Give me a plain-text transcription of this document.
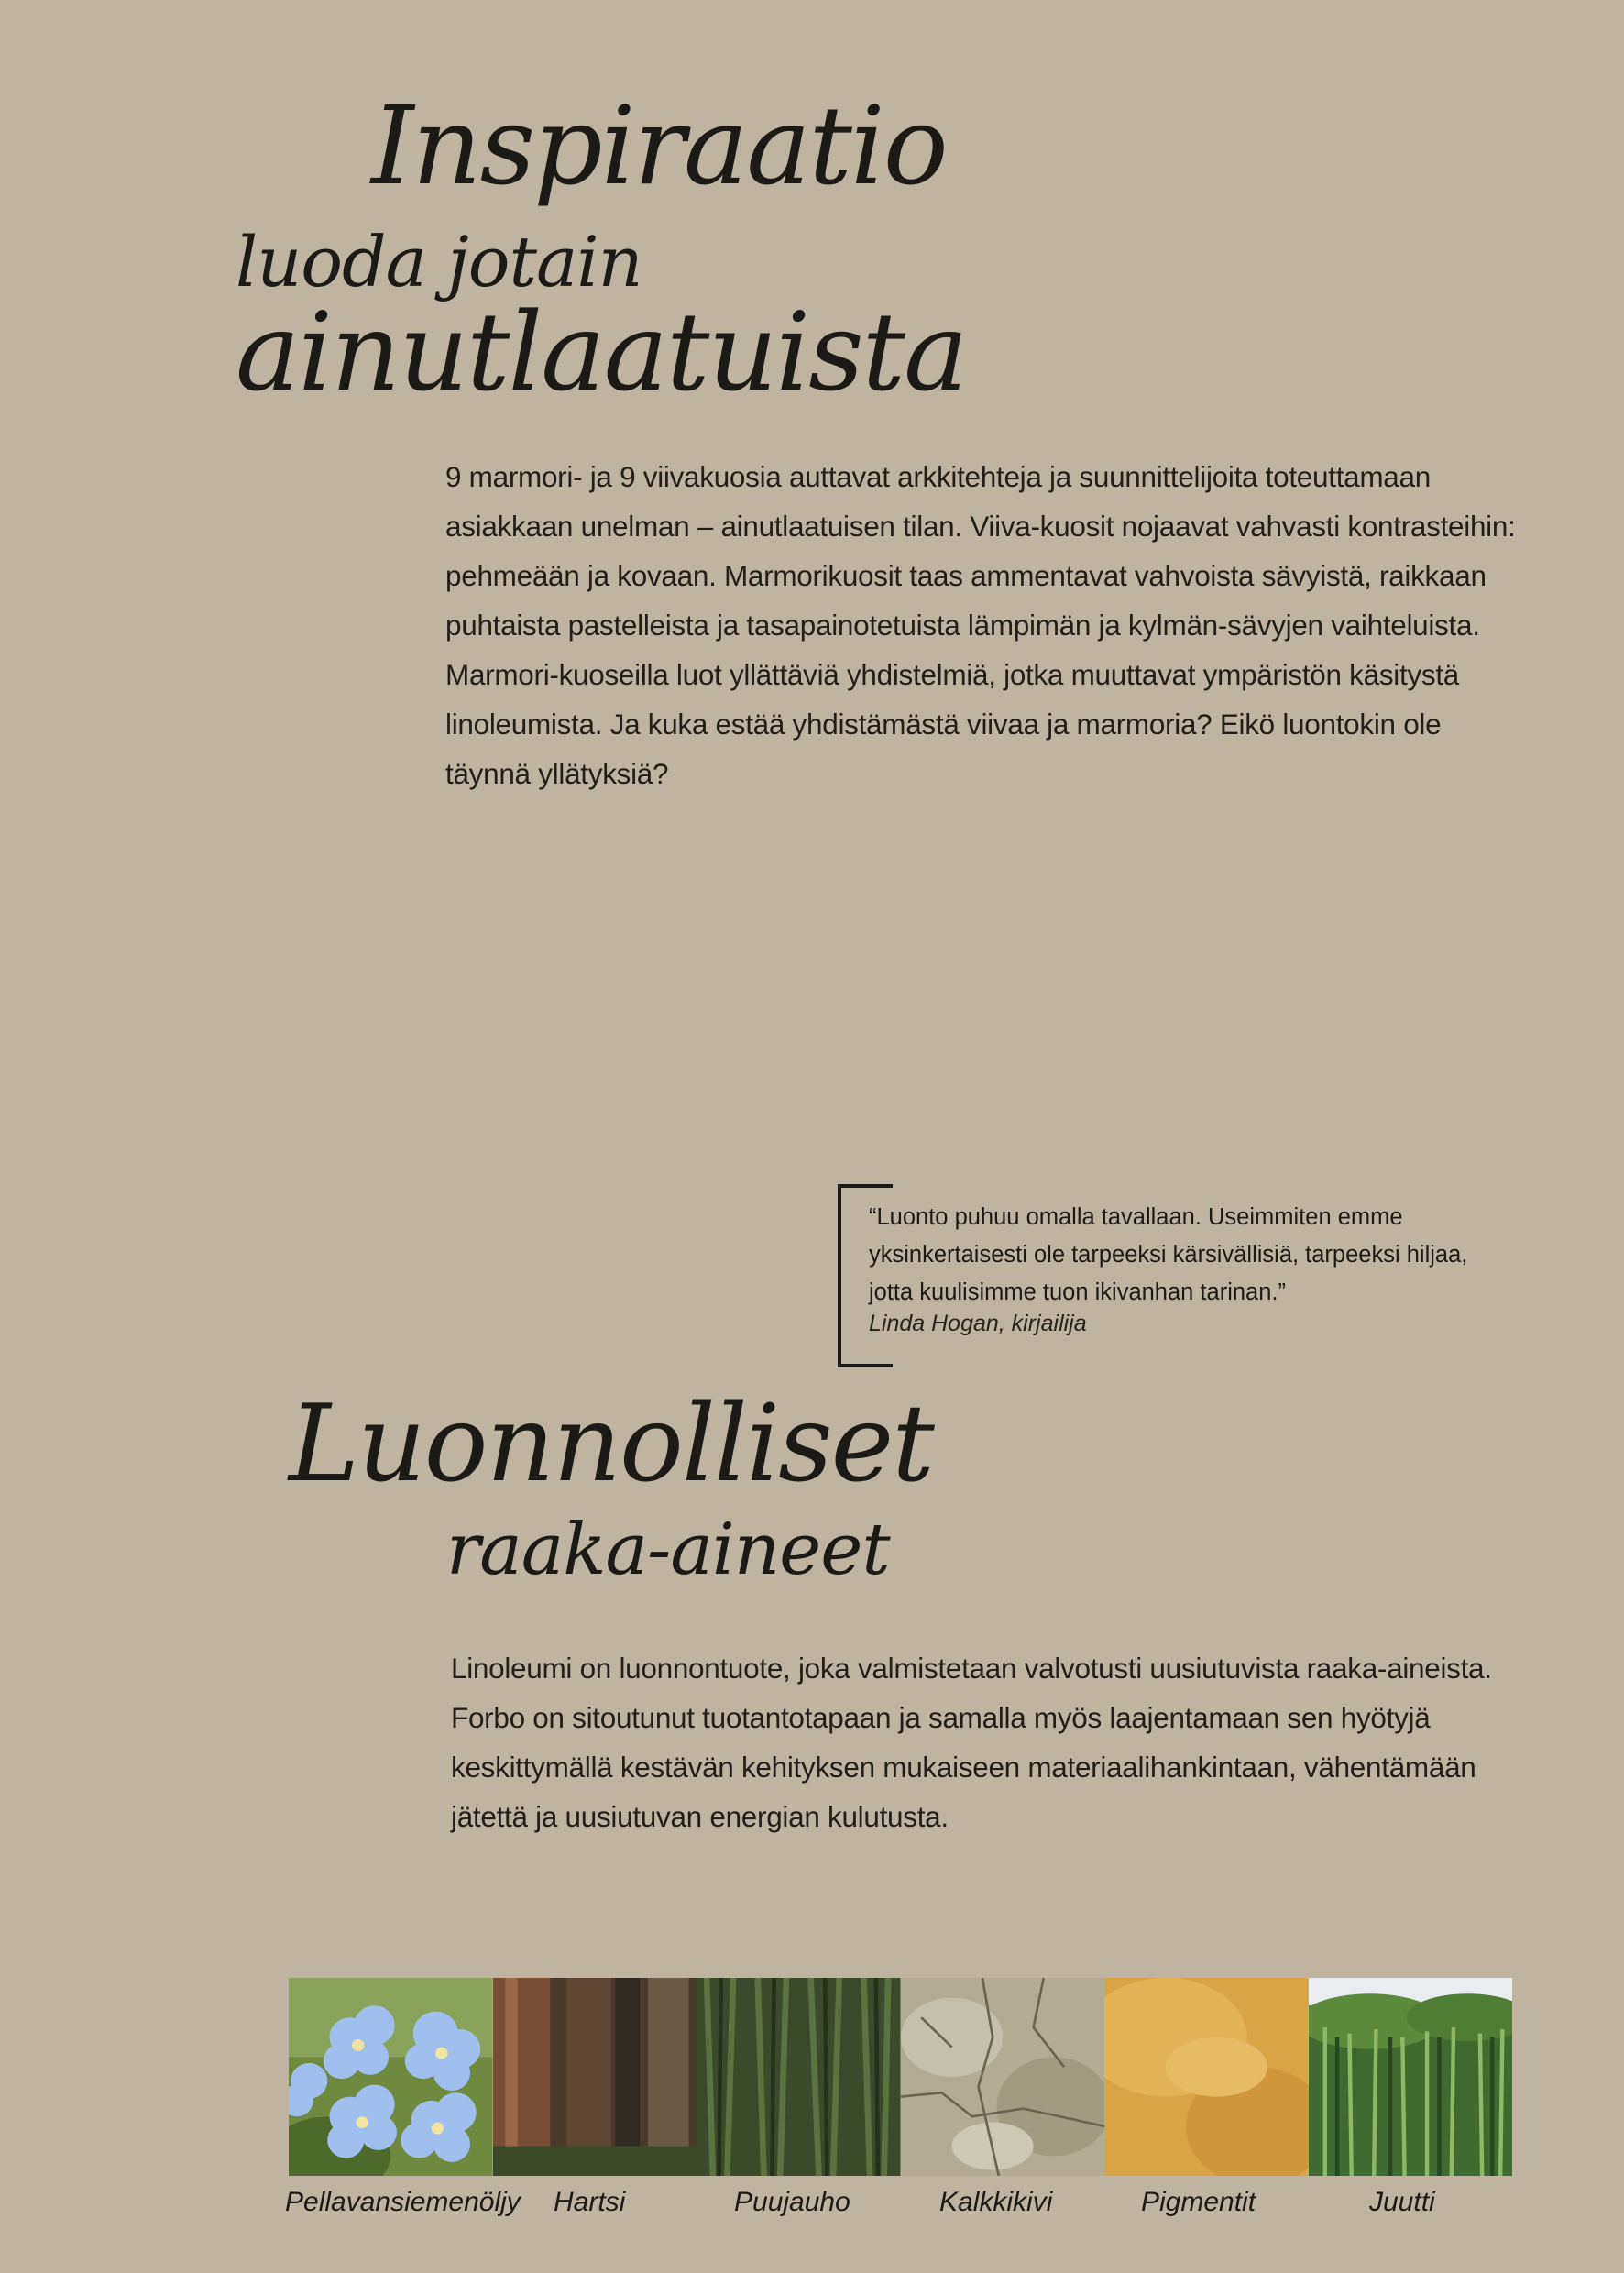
Inspiraatio
luoda jotain
ainutlaatuista

9 marmori- ja 9 viivakuosia auttavat arkkitehteja ja suunnittelijoita toteuttamaan asiakkaan unelman – ainutlaatuisen tilan. Viiva-kuosit nojaavat vahvasti kontrasteihin: pehmeään ja kovaan. Marmorikuosit taas ammentavat vahvoista sävyistä, raikkaan puhtaista pastelleista ja tasapainotetuista lämpimän ja kylmän-sävyjen vaihteluista. Marmori-kuoseilla luot yllättäviä yhdistelmiä, jotka muuttavat ympäristön käsitystä linoleumista. Ja kuka estää yhdistämästä viivaa ja marmoria? Eikö luontokin ole täynnä yllätyksiä?

“Luonto puhuu omalla tavallaan. Useimmiten emme yksinkertaisesti ole tarpeeksi kärsivällisiä, tarpeeksi hiljaa, jotta kuulisimme tuon ikivanhan tarinan.”
Linda Hogan, kirjailija
Luonnolliset
raaka-aineet

Linoleumi on luonnontuote, joka valmistetaan valvotusti uusiutuvista raaka-aineista. Forbo on sitoutunut tuotantotapaan ja samalla myös laajentamaan sen hyötyjä keskittymällä kestävän kehityksen mukaiseen materiaalihankintaan, vähentämään jätettä ja uusiutuvan energian kulutusta.

Pellavansiemenöljy Hartsi	Puujauho	Kalkkikivi	Pigmentit	Juutti
